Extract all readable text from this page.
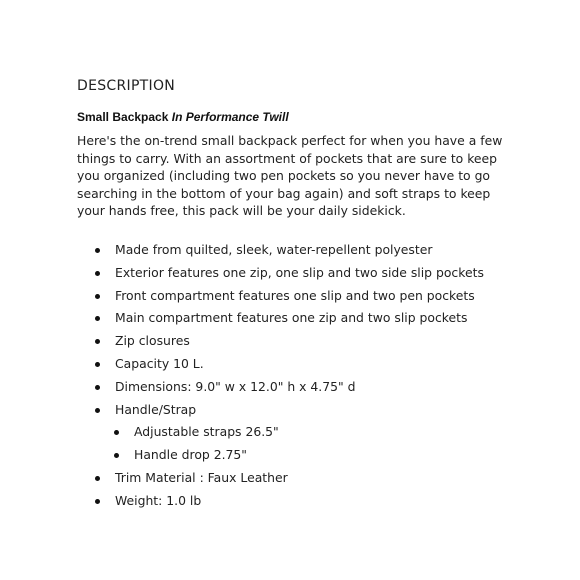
DESCRIPTION

Small Backpack In Performance Twill

Here's the on-trend small backpack perfect for when you have a few things to carry. With an assortment of pockets that are sure to keep you organized (including two pen pockets so you never have to go searching in the bottom of your bag again) and soft straps to keep your hands free, this pack will be your daily sidekick.

Made from quilted, sleek, water-repellent polyester
Exterior features one zip, one slip and two side slip pockets
Front compartment features one slip and two pen pockets
Main compartment features one zip and two slip pockets
Zip closures
Capacity 10 L.
Dimensions: 9.0" w x 12.0" h x 4.75" d
Handle/Strap
Adjustable straps 26.5"
Handle drop 2.75"
Trim Material : Faux Leather
Weight: 1.0 lb
